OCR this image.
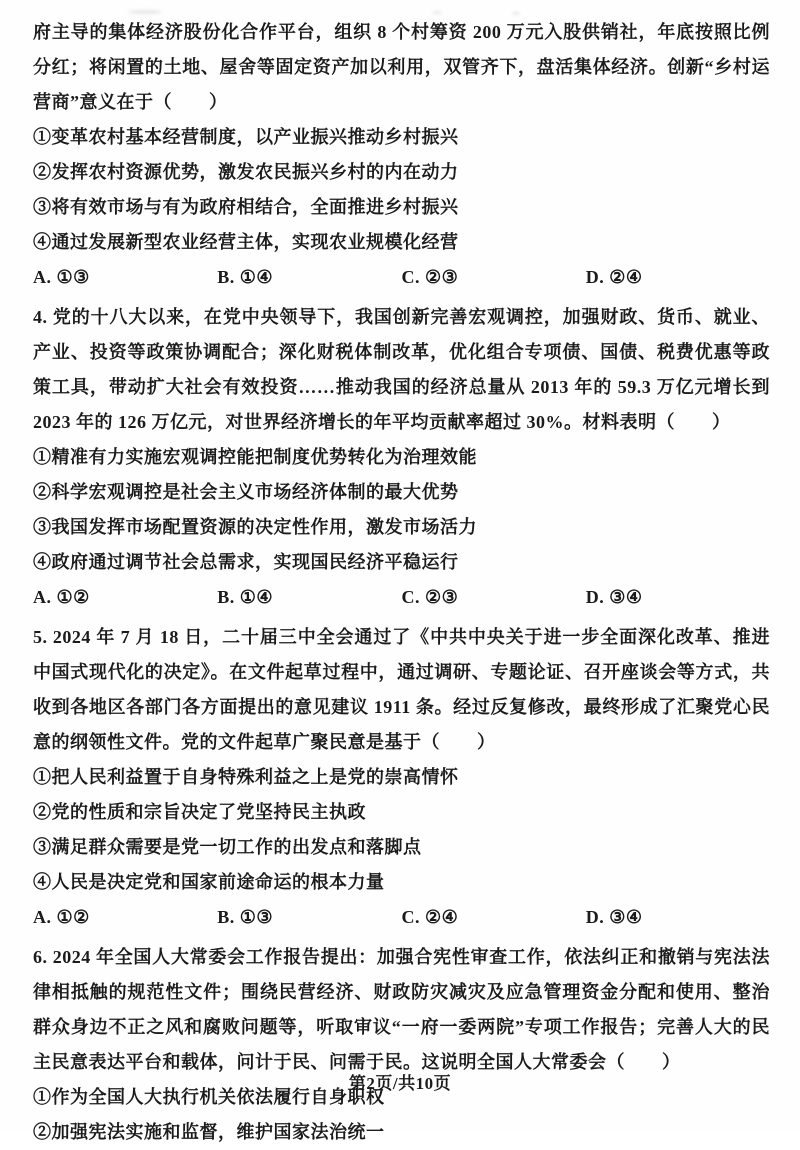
府主导的集体经济股份化合作平台，组织 8 个村筹资 200 万元入股供销社，年底按照比例分红；将闲置的土地、屋舍等固定资产加以利用，双管齐下，盘活集体经济。创新“乡村运营商”意义在于（　　）

①变革农村基本经营制度，以产业振兴推动乡村振兴

②发挥农村资源优势，激发农民振兴乡村的内在动力

③将有效市场与有为政府相结合，全面推进乡村振兴

④通过发展新型农业经营主体，实现农业规模化经营

A. ①③	B. ①④	C. ②③	D. ②④

4. 党的十八大以来，在党中央领导下，我国创新完善宏观调控，加强财政、货币、就业、产业、投资等政策协调配合；深化财税体制改革，优化组合专项债、国债、税费优惠等政策工具，带动扩大社会有效投资……推动我国的经济总量从 2013 年的 59.3 万亿元增长到 2023 年的 126 万亿元，对世界经济增长的年平均贡献率超过 30%。材料表明（　　）

①精准有力实施宏观调控能把制度优势转化为治理效能

②科学宏观调控是社会主义市场经济体制的最大优势

③我国发挥市场配置资源的决定性作用，激发市场活力

④政府通过调节社会总需求，实现国民经济平稳运行

A. ①②	B. ①④	C. ②③	D. ③④

5. 2024 年 7 月 18 日，二十届三中全会通过了《中共中央关于进一步全面深化改革、推进中国式现代化的决定》。在文件起草过程中，通过调研、专题论证、召开座谈会等方式，共收到各地区各部门各方面提出的意见建议 1911 条。经过反复修改，最终形成了汇聚党心民意的纲领性文件。党的文件起草广聚民意是基于（　　）

①把人民利益置于自身特殊利益之上是党的崇高情怀

②党的性质和宗旨决定了党坚持民主执政

③满足群众需要是党一切工作的出发点和落脚点

④人民是决定党和国家前途命运的根本力量

A. ①②	B. ①③	C. ②④	D. ③④

6. 2024 年全国人大常委会工作报告提出：加强合宪性审查工作，依法纠正和撤销与宪法法律相抵触的规范性文件；围绕民营经济、财政防灾减灾及应急管理资金分配和使用、整治群众身边不正之风和腐败问题等，听取审议“一府一委两院”专项工作报告；完善人大的民主民意表达平台和载体，问计于民、问需于民。这说明全国人大常委会（　　）

①作为全国人大执行机关依法履行自身职权

②加强宪法实施和监督，维护国家法治统一

第2页/共10页
